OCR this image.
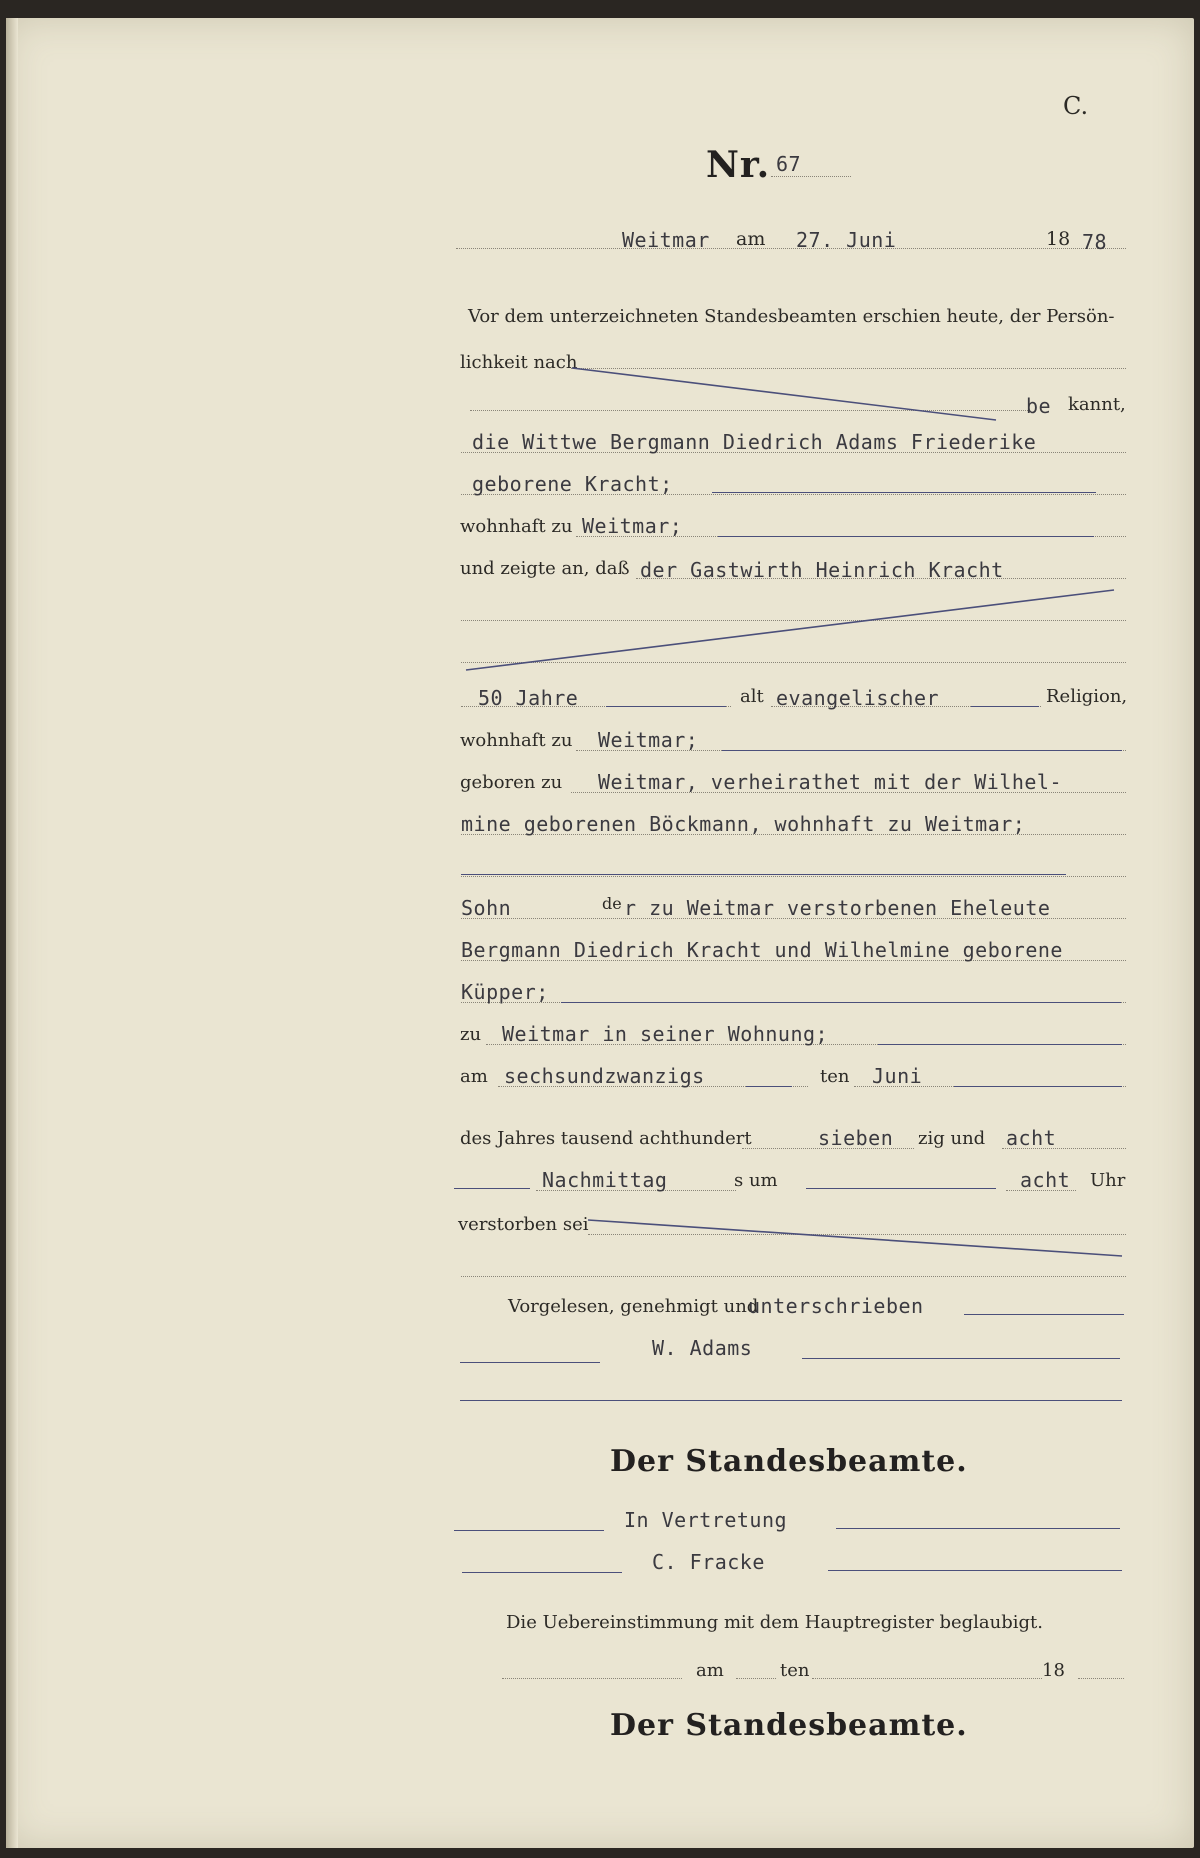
C.
Nr. 67
Weitmar am 27. Juni	18 78
Vor dem unterzeichneten Standesbeamten erschien heute, der Persön-
lichkeit nach
be kannt,
die Wittwe Bergmann Diedrich Adams Friederike
geborene Kracht;
wohnhaft zu Weitmar;
und zeigte an, daß der Gastwirth Heinrich Kracht
50 Jahre	alt evangelischer	Religion,
wohnhaft zu Weitmar;
geboren zu Weitmar, verheirathet mit der Wilhel-
mine geborenen Böckmann, wohnhaft zu Weitmar;
Sohn	de r zu Weitmar verstorbenen Eheleute
Bergmann Diedrich Kracht und Wilhelmine geborene
Küpper;
zu Weitmar in seiner Wohnung;
am sechsundzwanzigs	ten Juni
des Jahres tausend achthundert	sieben zig und acht
Nachmittag	s um	acht Uhr
verstorben sei
Vorgelesen, genehmigt und
unterschrieben
W. Adams
Der Standesbeamte.
In Vertretung
C. Fracke
Die Uebereinstimmung mit dem Hauptregister beglaubigt.
am	ten	18
Der Standesbeamte.
